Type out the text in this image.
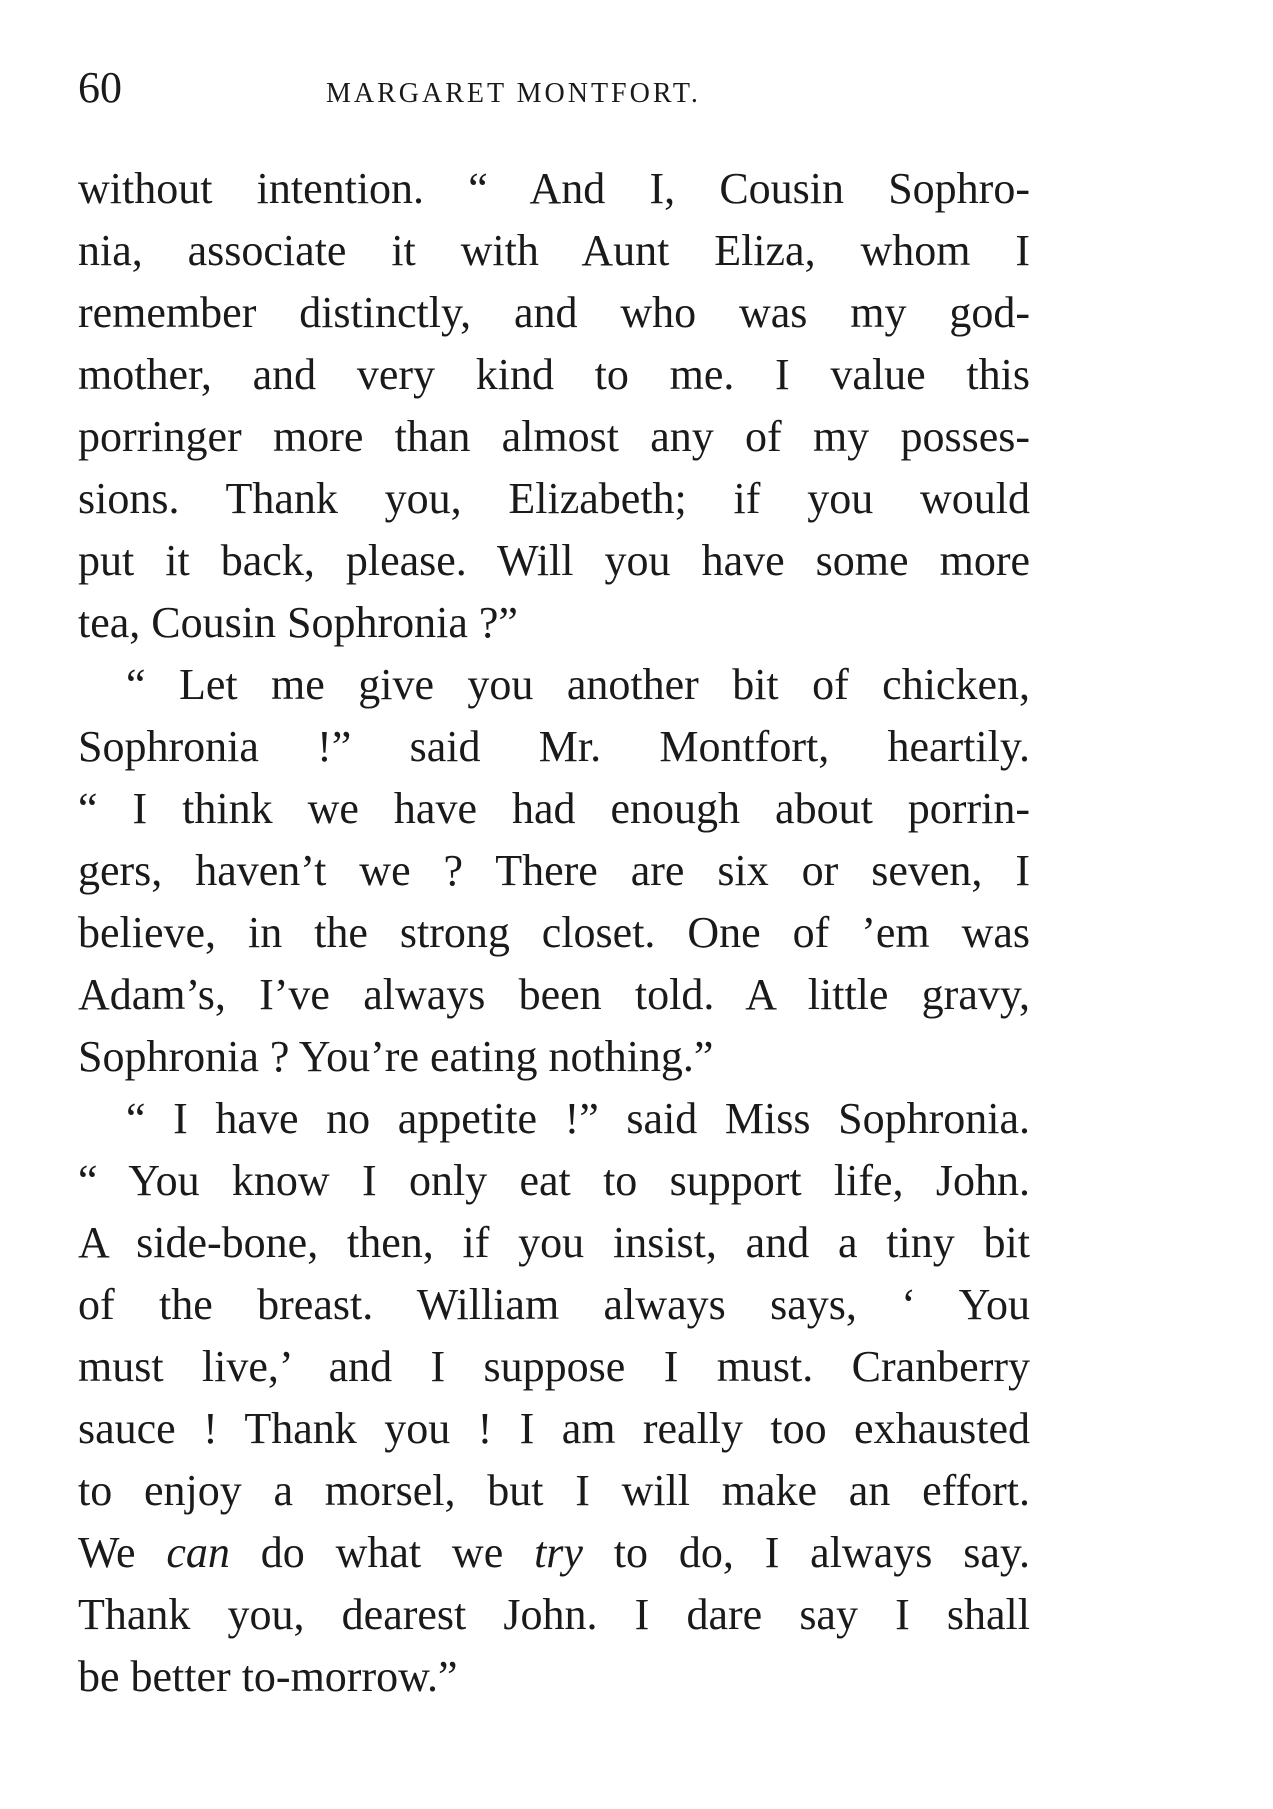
60	MARGARET MONTFORT.
without intention. “ And I, Cousin Sophro-
nia, associate it with Aunt Eliza, whom I
remember distinctly, and who was my god-
mother, and very kind to me. I value this
porringer more than almost any of my posses-
sions. Thank you, Elizabeth; if you would
put it back, please. Will you have some more
tea, Cousin Sophronia ?”
“ Let me give you another bit of chicken,
Sophronia !” said Mr. Montfort, heartily.
“ I think we have had enough about porrin-
gers, haven’t we ? There are six or seven, I
believe, in the strong closet. One of ’em was
Adam’s, I’ve always been told. A little gravy,
Sophronia ? You’re eating nothing.”
“ I have no appetite !” said Miss Sophronia.
“ You know I only eat to support life, John.
A side-bone, then, if you insist, and a tiny bit
of the breast. William always says, ‘ You
must live,’ and I suppose I must. Cranberry
sauce ! Thank you ! I am really too exhausted
to enjoy a morsel, but I will make an effort.
We can do what we try to do, I always say.
Thank you, dearest John. I dare say I shall
be better to-morrow.”
